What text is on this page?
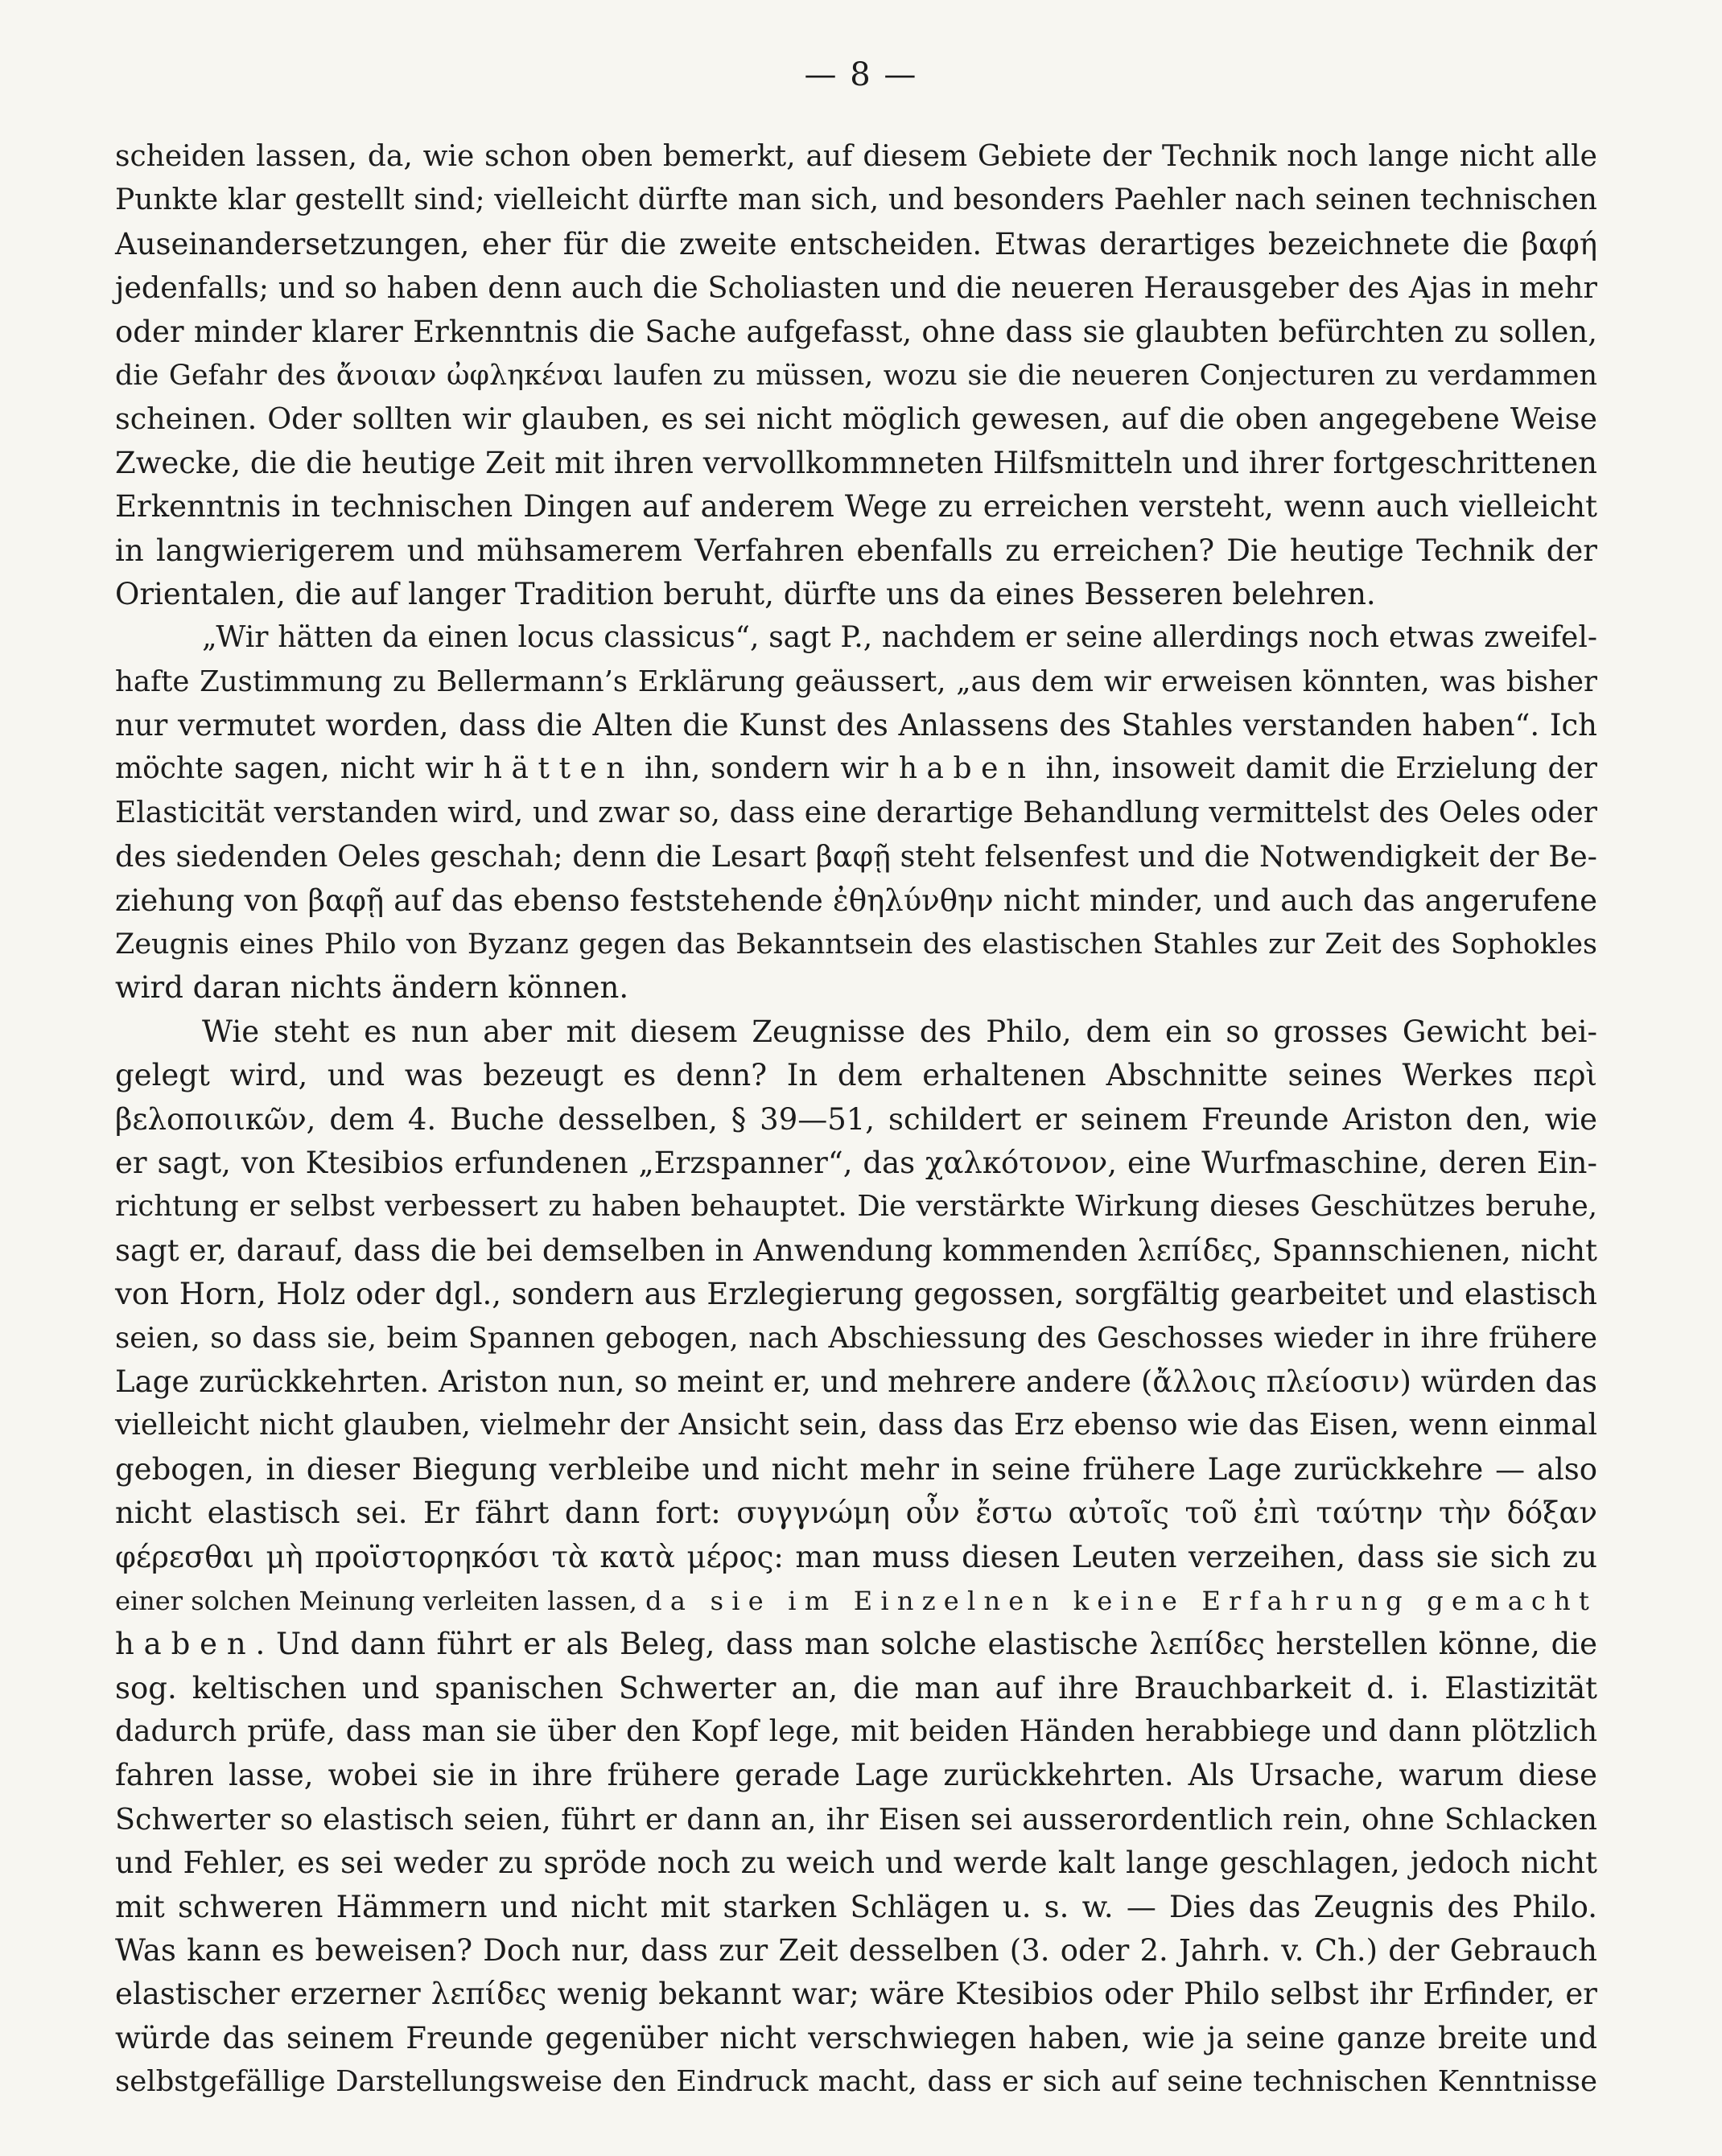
— 8 —
scheiden lassen, da, wie schon oben bemerkt, auf diesem Gebiete der Technik noch lange nicht alle
Punkte klar gestellt sind; vielleicht dürfte man sich, und besonders Paehler nach seinen technischen
Auseinandersetzungen, eher für die zweite entscheiden. Etwas derartiges bezeichnete die βαφή
jedenfalls; und so haben denn auch die Scholiasten und die neueren Herausgeber des Ajas in mehr
oder minder klarer Erkenntnis die Sache aufgefasst, ohne dass sie glaubten befürchten zu sollen,
die Gefahr des ἄνοιαν ὠφληκέναι laufen zu müssen, wozu sie die neueren Conjecturen zu verdammen
scheinen. Oder sollten wir glauben, es sei nicht möglich gewesen, auf die oben angegebene Weise
Zwecke, die die heutige Zeit mit ihren vervollkommneten Hilfsmitteln und ihrer fortgeschrittenen
Erkenntnis in technischen Dingen auf anderem Wege zu erreichen versteht, wenn auch vielleicht
in langwierigerem und mühsamerem Verfahren ebenfalls zu erreichen? Die heutige Technik der
Orientalen, die auf langer Tradition beruht, dürfte uns da eines Besseren belehren.
„Wir hätten da einen locus classicus“, sagt P., nachdem er seine allerdings noch etwas zweifel-
hafte Zustimmung zu Bellermann’s Erklärung geäussert, „aus dem wir erweisen könnten, was bisher
nur vermutet worden, dass die Alten die Kunst des Anlassens des Stahles verstanden haben“. Ich
möchte sagen, nicht wir hätten ihn, sondern wir haben ihn, insoweit damit die Erzielung der
Elasticität verstanden wird, und zwar so, dass eine derartige Behandlung vermittelst des Oeles oder
des siedenden Oeles geschah; denn die Lesart βαφῇ steht felsenfest und die Notwendigkeit der Be-
ziehung von βαφῇ auf das ebenso feststehende ἐθηλύνθην nicht minder, und auch das angerufene
Zeugnis eines Philo von Byzanz gegen das Bekanntsein des elastischen Stahles zur Zeit des Sophokles
wird daran nichts ändern können.
Wie steht es nun aber mit diesem Zeugnisse des Philo, dem ein so grosses Gewicht bei-
gelegt wird, und was bezeugt es denn? In dem erhaltenen Abschnitte seines Werkes περὶ
βελοποιικῶν, dem 4. Buche desselben, § 39—51, schildert er seinem Freunde Ariston den, wie
er sagt, von Ktesibios erfundenen „Erzspanner“, das χαλκότονον, eine Wurfmaschine, deren Ein-
richtung er selbst verbessert zu haben behauptet. Die verstärkte Wirkung dieses Geschützes beruhe,
sagt er, darauf, dass die bei demselben in Anwendung kommenden λεπίδες, Spannschienen, nicht
von Horn, Holz oder dgl., sondern aus Erzlegierung gegossen, sorgfältig gearbeitet und elastisch
seien, so dass sie, beim Spannen gebogen, nach Abschiessung des Geschosses wieder in ihre frühere
Lage zurückkehrten. Ariston nun, so meint er, und mehrere andere (ἄλλοις πλείοσιν) würden das
vielleicht nicht glauben, vielmehr der Ansicht sein, dass das Erz ebenso wie das Eisen, wenn einmal
gebogen, in dieser Biegung verbleibe und nicht mehr in seine frühere Lage zurückkehre — also
nicht elastisch sei. Er fährt dann fort: συγγνώμη οὖν ἔστω αὐτοῖς τοῦ ἐπὶ ταύτην τὴν δόξαν
φέρεσθαι μὴ προϊστορηκόσι τὰ κατὰ μέρος: man muss diesen Leuten verzeihen, dass sie sich zu
einer solchen Meinung verleiten lassen, da sie im Einzelnen keine Erfahrung gemacht
haben. Und dann führt er als Beleg, dass man solche elastische λεπίδες herstellen könne, die
sog. keltischen und spanischen Schwerter an, die man auf ihre Brauchbarkeit d. i. Elastizität
dadurch prüfe, dass man sie über den Kopf lege, mit beiden Händen herabbiege und dann plötzlich
fahren lasse, wobei sie in ihre frühere gerade Lage zurückkehrten. Als Ursache, warum diese
Schwerter so elastisch seien, führt er dann an, ihr Eisen sei ausserordentlich rein, ohne Schlacken
und Fehler, es sei weder zu spröde noch zu weich und werde kalt lange geschlagen, jedoch nicht
mit schweren Hämmern und nicht mit starken Schlägen u. s. w. — Dies das Zeugnis des Philo.
Was kann es beweisen? Doch nur, dass zur Zeit desselben (3. oder 2. Jahrh. v. Ch.) der Gebrauch
elastischer erzerner λεπίδες wenig bekannt war; wäre Ktesibios oder Philo selbst ihr Erfinder, er
würde das seinem Freunde gegenüber nicht verschwiegen haben, wie ja seine ganze breite und
selbstgefällige Darstellungsweise den Eindruck macht, dass er sich auf seine technischen Kenntnisse
